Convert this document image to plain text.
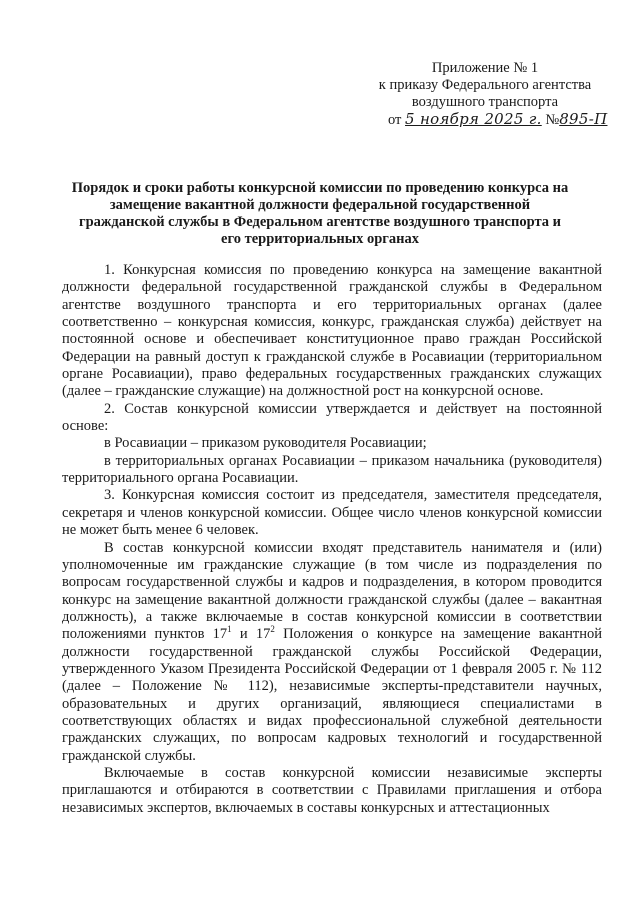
Приложение № 1
к приказу Федерального агентства
воздушного транспорта
от 5 ноября 2025 г. №895-П
Порядок и сроки работы конкурсной комиссии по проведению конкурса на замещение вакантной должности федеральной государственной гражданской службы в Федеральном агентстве воздушного транспорта и его территориальных органах

1. Конкурсная комиссия по проведению конкурса на замещение вакантной должности федеральной государственной гражданской службы в Федеральном агентстве воздушного транспорта и его территориальных органах (далее соответственно – конкурсная комиссия, конкурс, гражданская служба) действует на постоянной основе и обеспечивает конституционное право граждан Российской Федерации на равный доступ к гражданской службе в Росавиации (территориальном органе Росавиации), право федеральных государственных гражданских служащих (далее – гражданские служащие) на должностной рост на конкурсной основе.

2. Состав конкурсной комиссии утверждается и действует на постоянной основе:

в Росавиации – приказом руководителя Росавиации;

в территориальных органах Росавиации – приказом начальника (руководителя) территориального органа Росавиации.

3. Конкурсная комиссия состоит из председателя, заместителя председателя, секретаря и членов конкурсной комиссии. Общее число членов конкурсной комиссии не может быть менее 6 человек.

В состав конкурсной комиссии входят представитель нанимателя и (или) уполномоченные им гражданские служащие (в том числе из подразделения по вопросам государственной службы и кадров и подразделения, в котором проводится конкурс на замещение вакантной должности гражданской службы (далее – вакантная должность), а также включаемые в состав конкурсной комиссии в соответствии положениями пунктов $17^1$ и $17^2$ Положения о конкурсе на замещение вакантной должности государственной гражданской службы Российской Федерации, утвержденного Указом Президента Российской Федерации от 1 февраля 2005 г. № 112 (далее – Положение № 112), независимые эксперты-представители научных, образовательных и других организаций, являющиеся специалистами в соответствующих областях и видах профессиональной служебной деятельности гражданских служащих, по вопросам кадровых технологий и государственной гражданской службы.

Включаемые в состав конкурсной комиссии независимые эксперты приглашаются и отбираются в соответствии с Правилами приглашения и отбора независимых экспертов, включаемых в составы конкурсных и аттестационных
